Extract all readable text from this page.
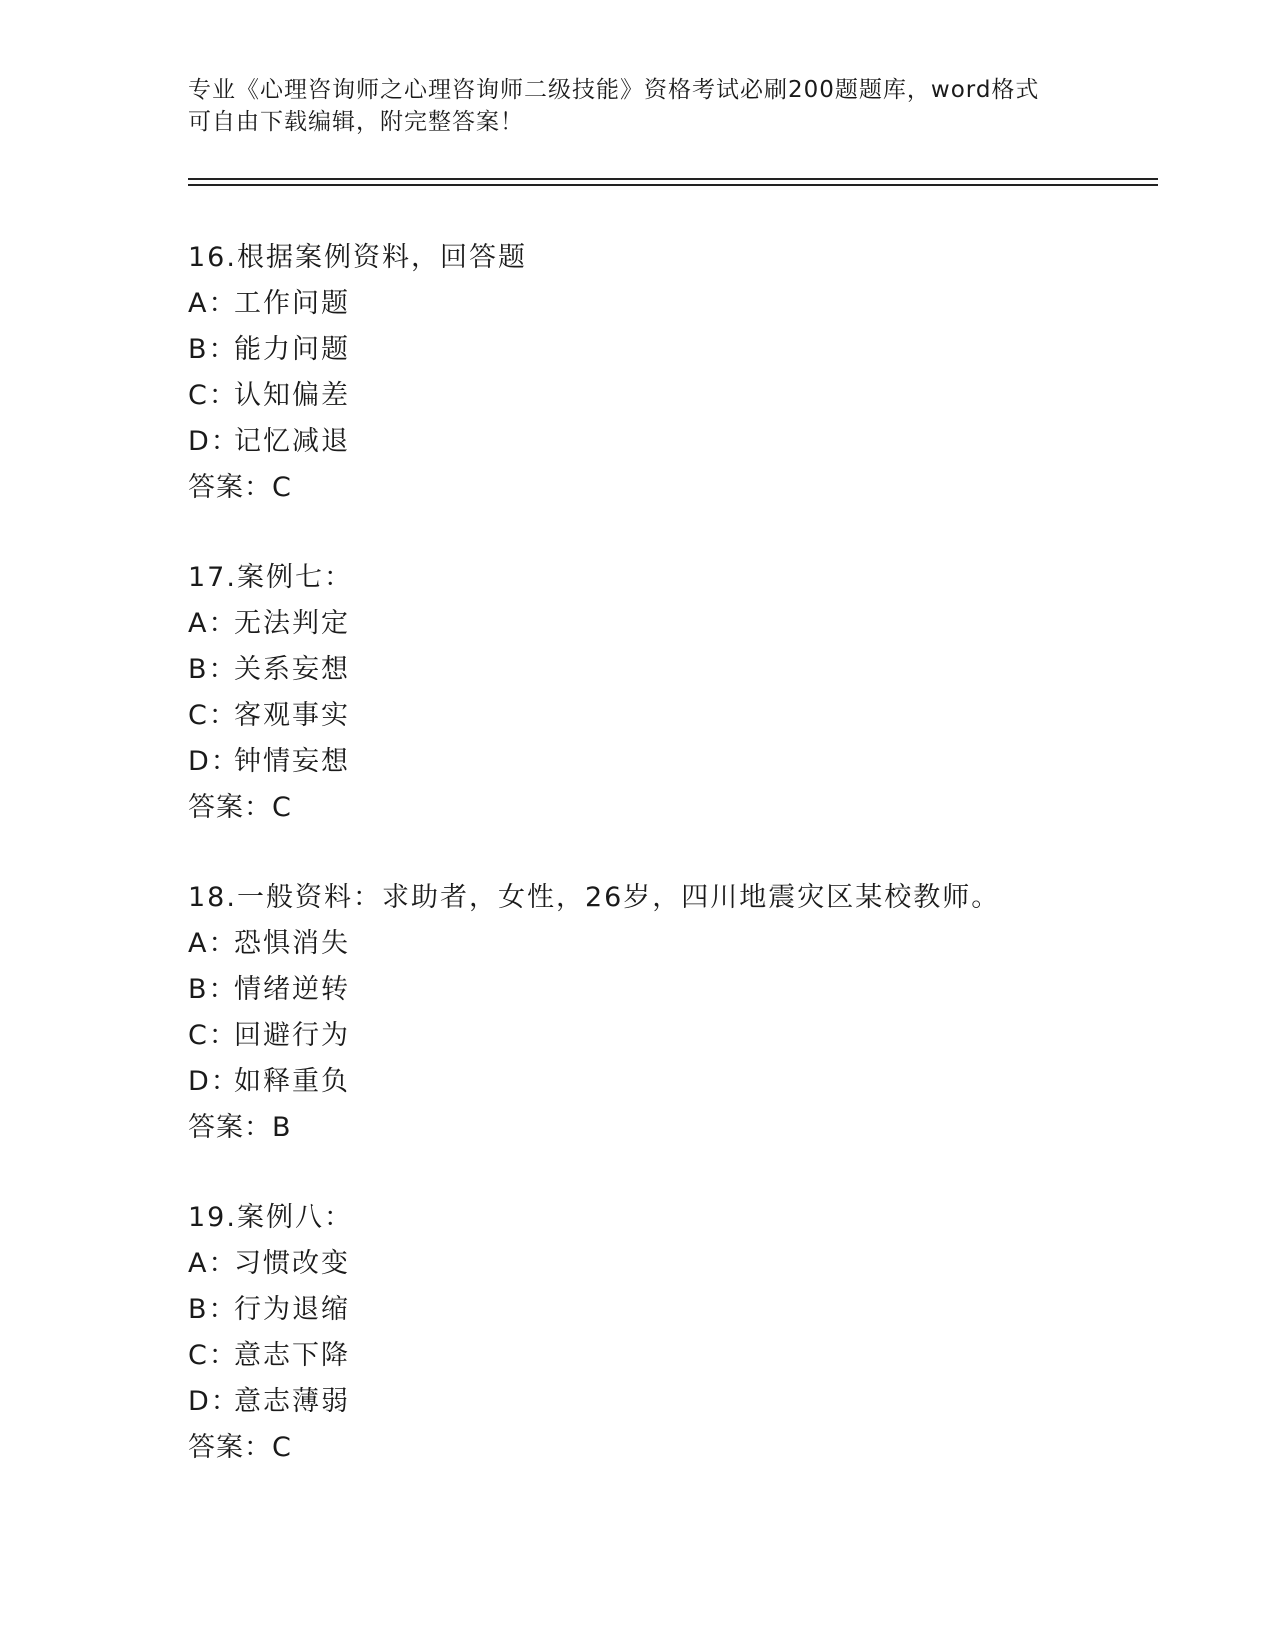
专业《心理咨询师之心理咨询师二级技能》资格考试必刷200题题库，word格式
可自由下载编辑，附完整答案！
16.根据案例资料，回答题
A：工作问题
B：能力问题
C：认知偏差
D：记忆减退
答案：C
17.案例七：
A：无法判定
B：关系妄想
C：客观事实
D：钟情妄想
答案：C
18.一般资料：求助者，女性，26岁，四川地震灾区某校教师。
A：恐惧消失
B：情绪逆转
C：回避行为
D：如释重负
答案：B
19.案例八：
A：习惯改变
B：行为退缩
C：意志下降
D：意志薄弱
答案：C
